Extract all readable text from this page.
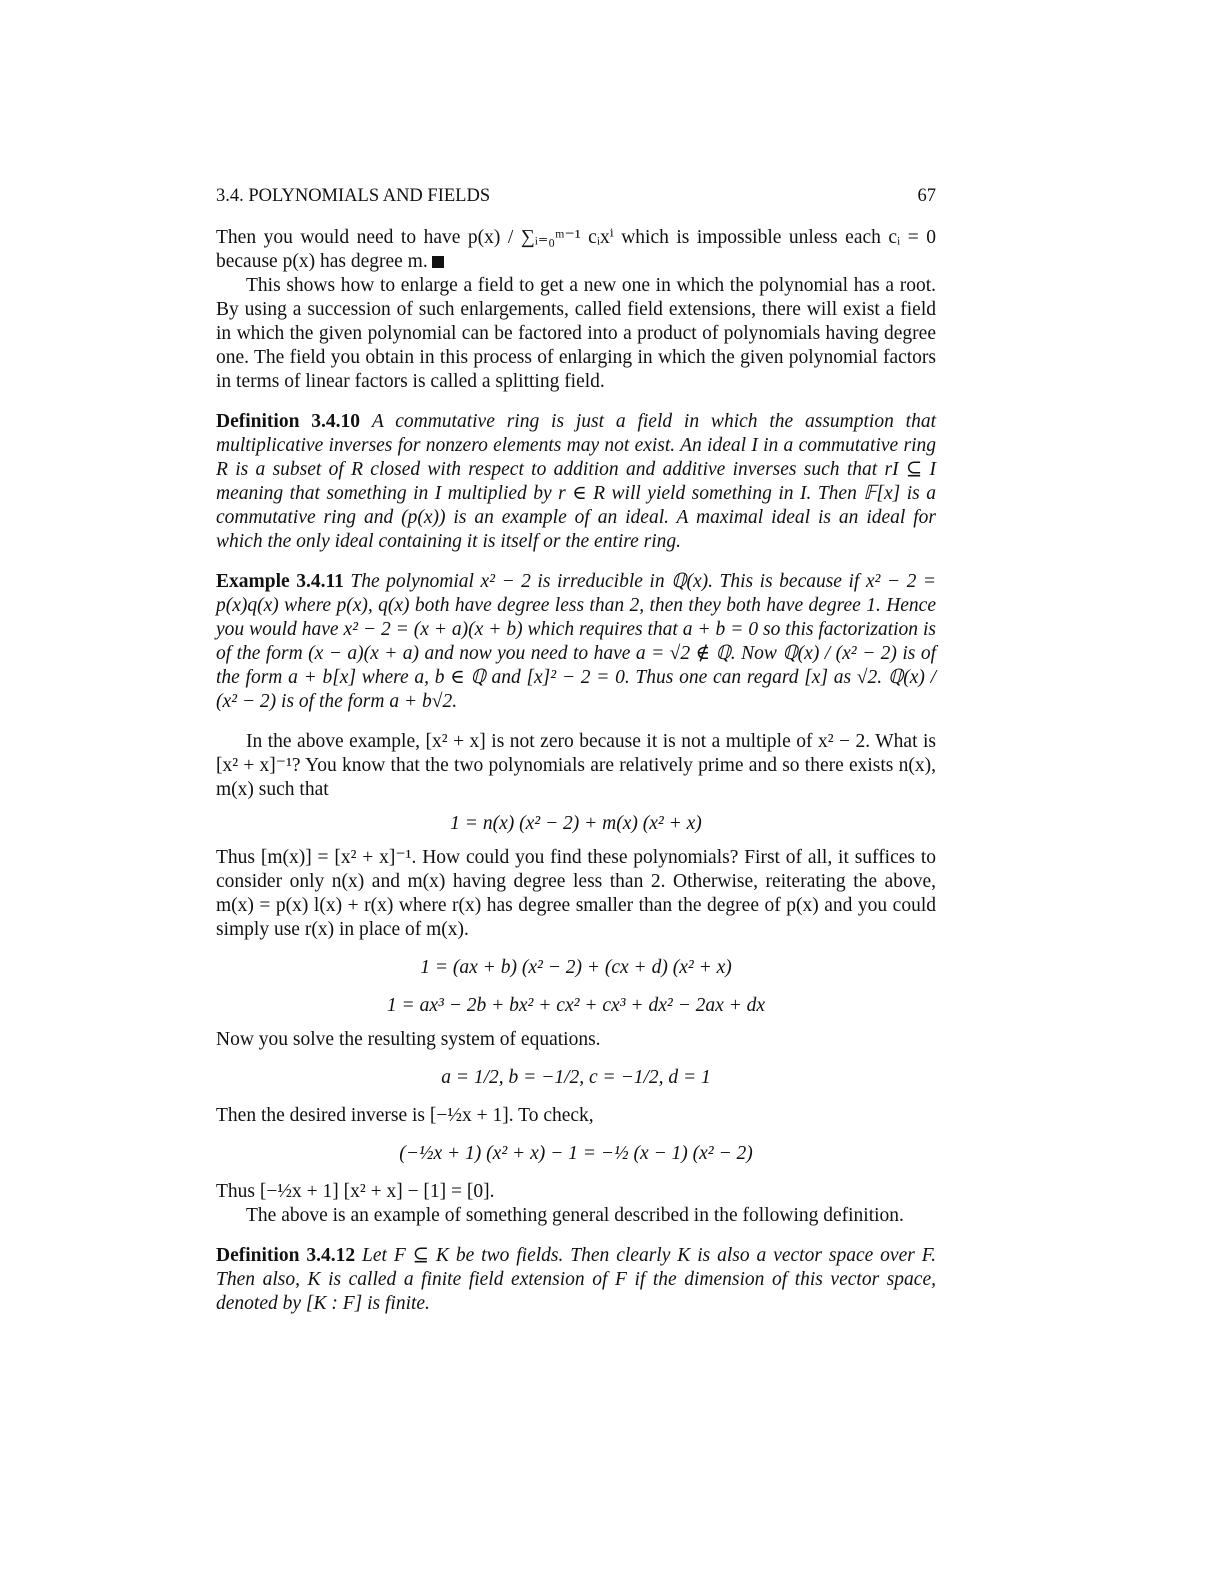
3.4. POLYNOMIALS AND FIELDS	67

Then you would need to have p(x) / ∑ᵢ₌₀ᵐ⁻¹ cᵢxⁱ which is impossible unless each cᵢ = 0 because p(x) has degree m.

This shows how to enlarge a field to get a new one in which the polynomial has a root. By using a succession of such enlargements, called field extensions, there will exist a field in which the given polynomial can be factored into a product of polynomials having degree one. The field you obtain in this process of enlarging in which the given polynomial factors in terms of linear factors is called a splitting field.

Definition 3.4.10 A commutative ring is just a field in which the assumption that multiplicative inverses for nonzero elements may not exist. An ideal I in a commutative ring R is a subset of R closed with respect to addition and additive inverses such that rI ⊆ I meaning that something in I multiplied by r ∈ R will yield something in I. Then 𝔽[x] is a commutative ring and (p(x)) is an example of an ideal. A maximal ideal is an ideal for which the only ideal containing it is itself or the entire ring.

Example 3.4.11 The polynomial x² − 2 is irreducible in ℚ(x). This is because if x² − 2 = p(x)q(x) where p(x), q(x) both have degree less than 2, then they both have degree 1. Hence you would have x² − 2 = (x + a)(x + b) which requires that a + b = 0 so this factorization is of the form (x − a)(x + a) and now you need to have a = √2 ∉ ℚ. Now ℚ(x) / (x² − 2) is of the form a + b[x] where a, b ∈ ℚ and [x]² − 2 = 0. Thus one can regard [x] as √2. ℚ(x) / (x² − 2) is of the form a + b√2.

In the above example, [x² + x] is not zero because it is not a multiple of x² − 2. What is [x² + x]⁻¹? You know that the two polynomials are relatively prime and so there exists n(x), m(x) such that

1 = n(x) (x² − 2) + m(x) (x² + x)

Thus [m(x)] = [x² + x]⁻¹. How could you find these polynomials? First of all, it suffices to consider only n(x) and m(x) having degree less than 2. Otherwise, reiterating the above, m(x) = p(x) l(x) + r(x) where r(x) has degree smaller than the degree of p(x) and you could simply use r(x) in place of m(x).

1 = (ax + b) (x² − 2) + (cx + d) (x² + x)
1 = ax³ − 2b + bx² + cx² + cx³ + dx² − 2ax + dx

Now you solve the resulting system of equations.

a = 1/2, b = −1/2, c = −1/2, d = 1

Then the desired inverse is [−½x + 1]. To check,

(−½x + 1) (x² + x) − 1 = −½ (x − 1) (x² − 2)

Thus [−½x + 1] [x² + x] − [1] = [0].

The above is an example of something general described in the following definition.

Definition 3.4.12 Let F ⊆ K be two fields. Then clearly K is also a vector space over F. Then also, K is called a finite field extension of F if the dimension of this vector space, denoted by [K : F] is finite.
